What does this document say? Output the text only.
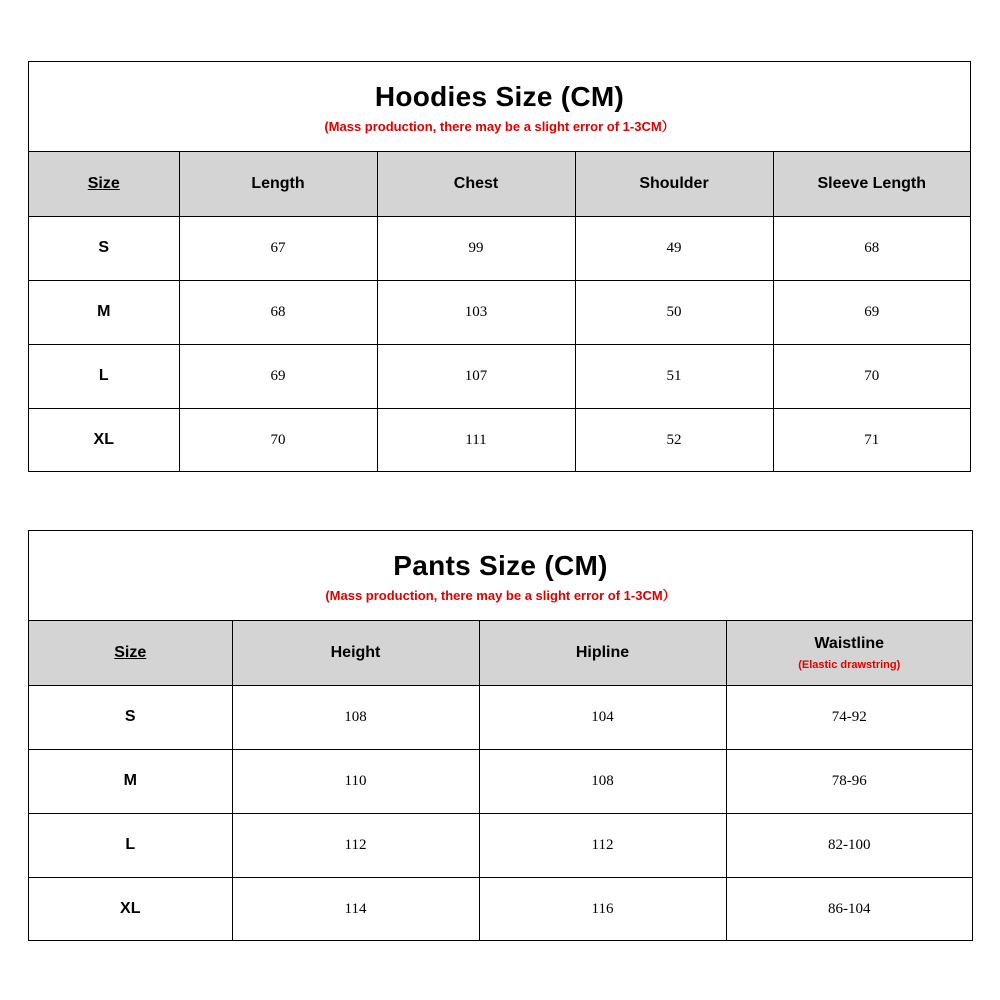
Hoodies Size (CM)
(Mass production, there may be a slight error of 1-3CM）
Size	Length	Chest	Shoulder	Sleeve Length
S	67	99	49	68
M	68	103	50	69
L	69	107	51	70
XL	70	111	52	71
Pants Size (CM)
(Mass production, there may be a slight error of 1-3CM）
Size	Height	Hipline	Waistline
(Elastic drawstring)

S	108	104	74-92
M	110	108	78-96
L	112	112	82-100
XL	114	116	86-104
